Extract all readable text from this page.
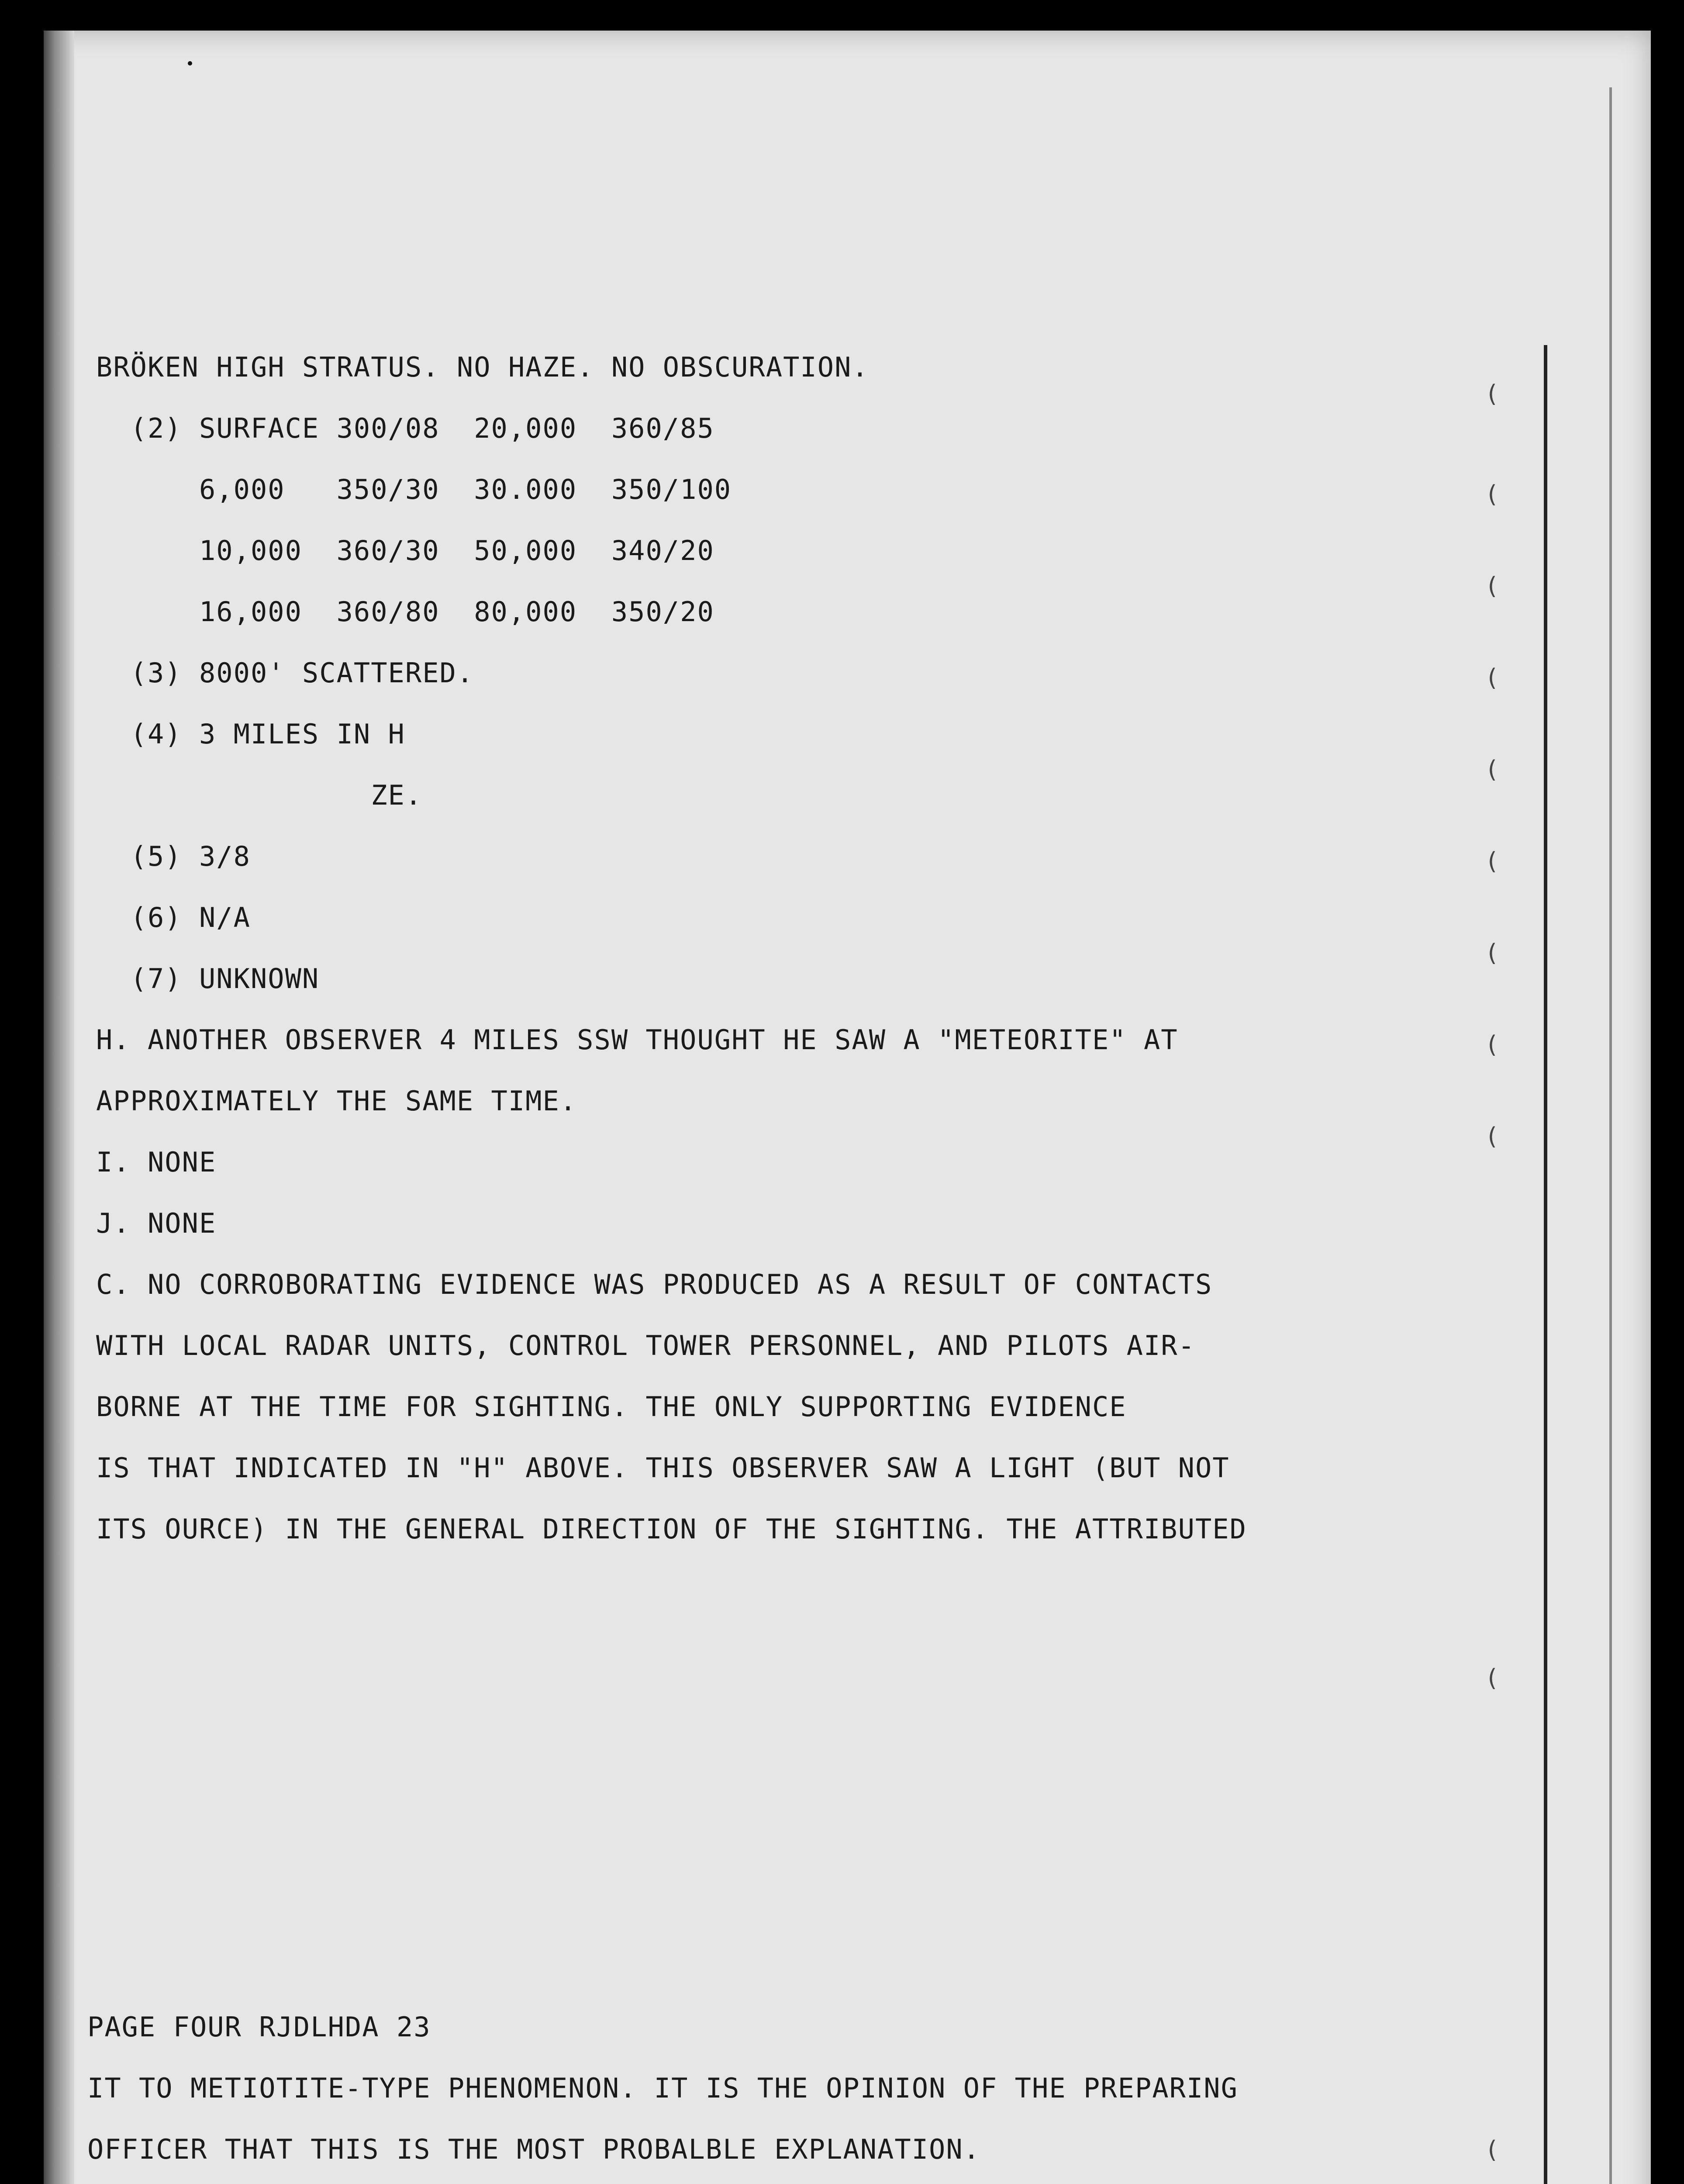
(
(
(
(
(
(
(
(
(
(
(
BRÖKEN HIGH STRATUS. NO HAZE. NO OBSCURATION.
(2) SURFACE 300/08  20,000  360/85
6,000   350/30  30.000  350/100
10,000  360/30  50,000  340/20
16,000  360/80  80,000  350/20
(3) 8000' SCATTERED.
(4) 3 MILES IN H
ZE.
(5) 3/8
(6) N/A
(7) UNKNOWN
H. ANOTHER OBSERVER 4 MILES SSW THOUGHT HE SAW A "METEORITE" AT
APPROXIMATELY THE SAME TIME.
I. NONE
J. NONE
C. NO CORROBORATING EVIDENCE WAS PRODUCED AS A RESULT OF CONTACTS
WITH LOCAL RADAR UNITS, CONTROL TOWER PERSONNEL, AND PILOTS AIR-
BORNE AT THE TIME FOR SIGHTING. THE ONLY SUPPORTING EVIDENCE
IS THAT INDICATED IN "H" ABOVE. THIS OBSERVER SAW A LIGHT (BUT NOT
ITS OURCE) IN THE GENERAL DIRECTION OF THE SIGHTING. THE ATTRIBUTED
PAGE FOUR RJDLHDA 23
IT TO METIOTITE-TYPE PHENOMENON. IT IS THE OPINION OF THE PREPARING
OFFICER THAT THIS IS THE MOST PROBALBLE EXPLANATION.
